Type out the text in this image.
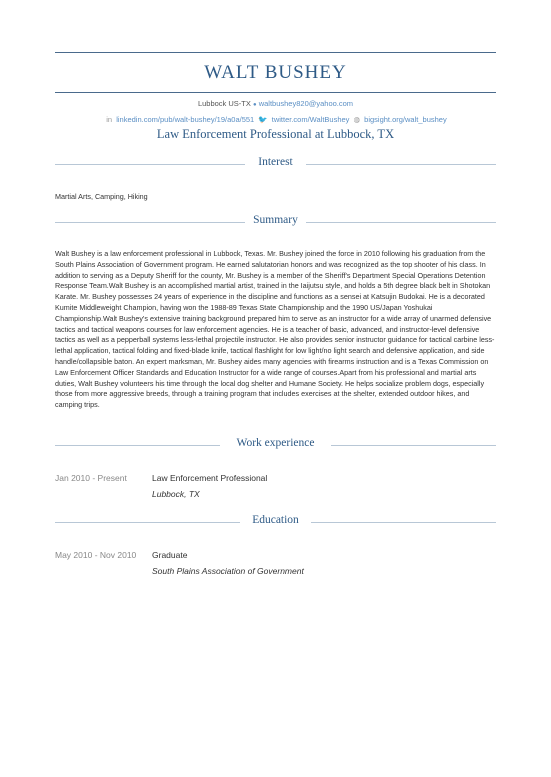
WALT BUSHEY
Lubbock US-TX ● waltbushey820@yahoo.com
in linkedin.com/pub/walt-bushey/19/a0a/551 🐦 twitter.com/WaltBushey ◍ bigsight.org/walt_bushey
Law Enforcement Professional at Lubbock, TX
Interest
Martial Arts, Camping, Hiking
Summary
Walt Bushey is a law enforcement professional in Lubbock, Texas. Mr. Bushey joined the force in 2010 following his graduation from the South Plains Association of Government program. He earned salutatorian honors and was recognized as the top shooter of his class. In addition to serving as a Deputy Sheriff for the county, Mr. Bushey is a member of the Sheriff's Department Special Operations Detention Response Team.Walt Bushey is an accomplished martial artist, trained in the Iaijutsu style, and holds a 5th degree black belt in Shotokan Karate. Mr. Bushey possesses 24 years of experience in the discipline and functions as a sensei at Katsujin Budokai. He is a decorated Kumite Middleweight Champion, having won the 1988-89 Texas State Championship and the 1990 US/Japan Yoshukai Championship.Walt Bushey's extensive training background prepared him to serve as an instructor for a wide array of unarmed defensive tactics and tactical weapons courses for law enforcement agencies. He is a teacher of basic, advanced, and instructor-level defensive tactics as well as a pepperball systems less-lethal projectile instructor. He also provides senior instructor guidance for tactical carbine less-lethal application, tactical folding and fixed-blade knife, tactical flashlight for low light/no light search and defensive application, and side handle/collapsible baton. An expert marksman, Mr. Bushey aides many agencies with firearms instruction and is a Texas Commission on Law Enforcement Officer Standards and Education Instructor for a wide range of courses.Apart from his professional and martial arts duties, Walt Bushey volunteers his time through the local dog shelter and Humane Society. He helps socialize problem dogs, especially those from more aggressive breeds, through a training program that includes exercises at the shelter, extended outdoor hikes, and camping trips.
Work experience
Jan 2010 - Present	Law Enforcement Professional
Lubbock, TX
Education
May 2010 - Nov 2010 Graduate
South Plains Association of Government
